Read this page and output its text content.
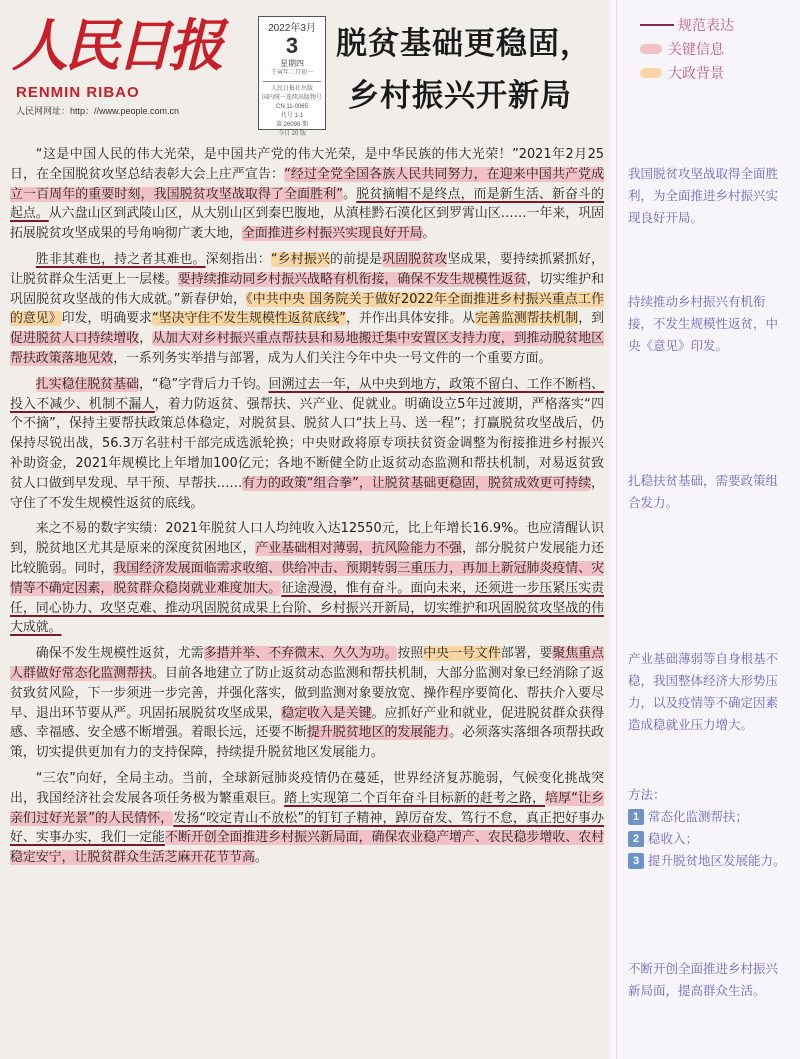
人民日报
RENMIN RIBAO
人民网网址：http：//www.people.com.cn
2022年3月
3
星期四
壬寅年二月初一
人民日报社出版
国内统一连续出版物号
CN 11-0065
代号 1-1
第 26098 期
今日 20 版
脱贫基础更稳固，
乡村振兴开新局

“这是中国人民的伟大光荣，是中国共产党的伟大光荣，是中华民族的伟大光荣！”2021年2月25日，在全国脱贫攻坚总结表彰大会上庄严宣告：“经过全党全国各族人民共同努力，在迎来中国共产党成立一百周年的重要时刻，我国脱贫攻坚战取得了全面胜利”。脱贫摘帽不是终点，而是新生活、新奋斗的起点。从六盘山区到武陵山区，从大别山区到秦巴腹地，从滇桂黔石漠化区到罗霄山区……一年来，巩固拓展脱贫攻坚成果的号角响彻广袤大地，全面推进乡村振兴实现良好开局。

胜非其难也，持之者其难也。深刻指出：“乡村振兴的前提是巩固脱贫攻坚成果，要持续抓紧抓好，让脱贫群众生活更上一层楼。要持续推动同乡村振兴战略有机衔接，确保不发生规模性返贫，切实维护和巩固脱贫攻坚战的伟大成就。”新春伊始，《中共中央 国务院关于做好2022年全面推进乡村振兴重点工作的意见》印发，明确要求“坚决守住不发生规模性返贫底线”，并作出具体安排。从完善监测帮扶机制，到促进脱贫人口持续增收，从加大对乡村振兴重点帮扶县和易地搬迁集中安置区支持力度，到推动脱贫地区帮扶政策落地见效，一系列务实举措与部署，成为人们关注今年中央一号文件的一个重要方面。

扎实稳住脱贫基础，“稳”字背后力千钧。回溯过去一年，从中央到地方，政策不留白、工作不断档、投入不减少、机制不漏人，着力防返贫、强帮扶、兴产业、促就业。明确设立5年过渡期，严格落实“四个不摘”，保持主要帮扶政策总体稳定，对脱贫县、脱贫人口“扶上马、送一程”；打赢脱贫攻坚战后，仍保持尽锐出战，56.3万名驻村干部完成选派轮换；中央财政将原专项扶贫资金调整为衔接推进乡村振兴补助资金，2021年规模比上年增加100亿元；各地不断健全防止返贫动态监测和帮扶机制，对易返贫致贫人口做到早发现、早干预、早帮扶……有力的政策“组合拳”，让脱贫基础更稳固，脱贫成效更可持续，守住了不发生规模性返贫的底线。

来之不易的数字实绩：2021年脱贫人口人均纯收入达12550元，比上年增长16.9%。也应清醒认识到，脱贫地区尤其是原来的深度贫困地区，产业基础相对薄弱，抗风险能力不强，部分脱贫户发展能力还比较脆弱。同时，我国经济发展面临需求收缩、供给冲击、预期转弱三重压力，再加上新冠肺炎疫情、灾情等不确定因素，脱贫群众稳岗就业难度加大。征途漫漫，惟有奋斗。面向未来，还须进一步压紧压实责任，同心协力、攻坚克难、推动巩固脱贫成果上台阶、乡村振兴开新局，切实维护和巩固脱贫攻坚战的伟大成就。

确保不发生规模性返贫，尤需多措并举、不弃微末、久久为功。按照中央一号文件部署，要聚焦重点人群做好常态化监测帮扶。目前各地建立了防止返贫动态监测和帮扶机制，大部分监测对象已经消除了返贫致贫风险，下一步须进一步完善，并强化落实，做到监测对象要放宽、操作程序要简化、帮扶介入要尽早、退出环节要从严。巩固拓展脱贫攻坚成果，稳定收入是关键。应抓好产业和就业，促进脱贫群众获得感、幸福感、安全感不断增强。着眼长远，还要不断提升脱贫地区的发展能力。必须落实落细各项帮扶政策，切实提供更加有力的支持保障，持续提升脱贫地区发展能力。

“三农”向好，全局主动。当前，全球新冠肺炎疫情仍在蔓延，世界经济复苏脆弱，气候变化挑战突出，我国经济社会发展各项任务极为繁重艰巨。踏上实现第二个百年奋斗目标新的赶考之路，培厚“让乡亲们过好光景”的人民情怀，发扬“咬定青山不放松”的钉钉子精神，踔厉奋发、笃行不怠，真正把好事办好、实事办实，我们一定能不断开创全面推进乡村振兴新局面，确保农业稳产增产、农民稳步增收、农村稳定安宁，让脱贫群众生活芝麻开花节节高。

规范表达
关键信息
大政背景
我国脱贫攻坚战取得全面胜利，为全面推进乡村振兴实现良好开局。
持续推动乡村振兴有机衔接，不发生规模性返贫，中央《意见》印发。
扎稳扶贫基础，需要政策组合发力。
产业基础薄弱等自身根基不稳，我国整体经济大形势压力，以及疫情等不确定因素造成稳就业压力增大。
方法：
1 常态化监测帮扶；
2 稳收入；
3 提升脱贫地区发展能力。
不断开创全面推进乡村振兴新局面，提高群众生活。
